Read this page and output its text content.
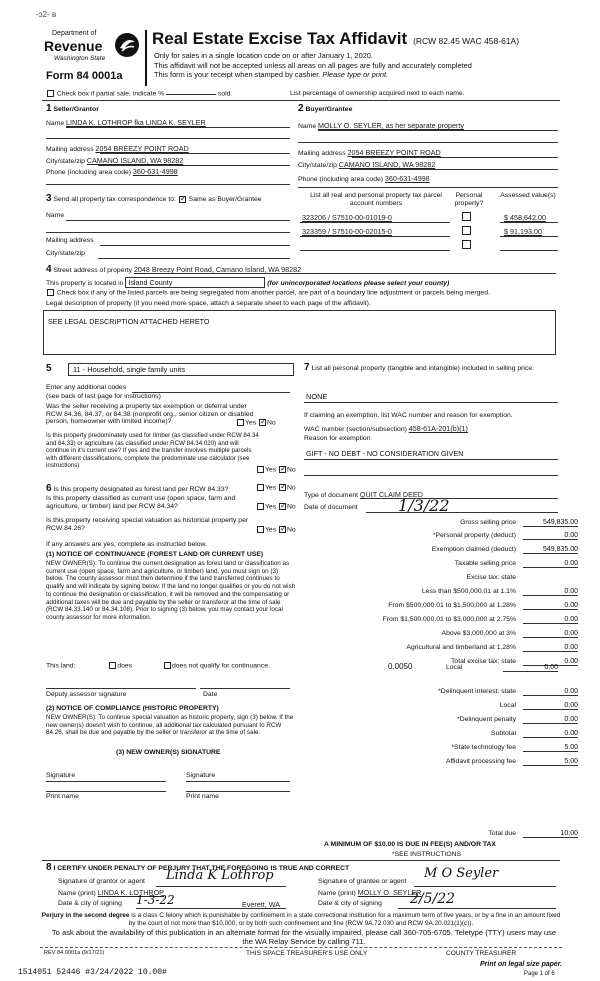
-ɔ2- ʙ
Department of
Revenue
Washington State
Form 84 0001a
Real Estate Excise Tax Affidavit (RCW 82.45 WAC 458-61A)
Only for sales in a single location code on or after January 1, 2020.
This affidavit will not be accepted unless all areas on all pages are fully and accurately completed
This form is your receipt when stamped by cashier. Please type or print.
Check box if partial sale, indicate %	sold	List percentage of ownership acquired next to each name.
1 Seller/Grantor
Name LINDA K. LOTHROP fka LINDA K. SEYLER
Mailing address 2054 BREEZY POINT ROAD
City/state/zip CAMANO ISLAND, WA 98282
Phone (including area code) 360-631-4998
2 Buyer/Grantee
Name MOLLY O. SEYLER, as her separate property
Mailing address 2054 BREEZY POINT ROAD
City/state/zip CAMANO ISLAND, WA 98282
Phone (including area code) 360-631-4998
3 Send all property tax correspondence to: ✓ Same as Buyer/Grantee
Name
Mailing address
City/state/zip
List all real and personal property tax parcel account numbers
Personal property?
Assessed value(s)
323206 / S7510-00-01019-0	$ 458,642.00
323359 / S7510-00-02015-0	$ 91,193.00
4 Street address of property 2048 Breezy Point Road, Camano Island, WA 98282
This property is located in Island County	(for unincorporated locations please select your county)
Check box if any of the listed parcels are being segregated from another parcel, are part of a boundary line adjustment or parcels being merged.
Legal description of property (if you need more space, attach a separate sheet to each page of the affidavit).
SEE LEGAL DESCRIPTION ATTACHED HERETO
5	11 - Household, single family units
Enter any additional codes
(see back of last page for instructions)
Was the seller receiving a property tax exemption or deferral under RCW 84.36, 84.37, or 84.38 (nonprofit org., senior citizen or disabled person, homeowner with limited income)?	Yes ✓ No
Is this property predominately used for timber (as classified under RCW 84.34 and 84.33) or agriculture (as classified under RCW 84.34.020) and will continue in it's current use? If yes and the transfer involves multiple parcels with different classifications, complete the predominate use calculator (see instructions)
Yes ✓ No
6 Is this property designated as forest land per RCW 84.33?	Yes ✓ No
Is this property classified as current use (open space, farm and agriculture, or timber) land per RCW 84.34?	Yes ✓ No
Is this property receiving special valuation as historical property per RCW 84.26?	Yes ✓ No
If any answers are yes, complete as instructed below.
(1) NOTICE OF CONTINUANCE (FOREST LAND OR CURRENT USE)
NEW OWNER(S): To continue the current designation as forest land or classification as current use (open space, farm and agriculture, or timber) land, you must sign on (3) below. The county assessor must then determine if the land transferred continues to qualify and will indicate by signing below. If the land no longer qualifies or you do not wish to continue the designation or classification, it will be removed and the compensating or additional taxes will be due and payable by the seller or transferor at the time of sale (RCW 84.33.140 or 84.34.108). Prior to signing (3) below, you may contact your local county assessor for more information.
This land:	does	does not qualify for continuance.
Deputy assessor signature	Date
(2) NOTICE OF COMPLIANCE (HISTORIC PROPERTY)
NEW OWNER(S): To continue special valuation as historic property, sign (3) below. If the new owner(s) doesn't wish to continue, all additional tax calculated pursuant to RCW 84.26, shall be due and payable by the seller or transferor at the time of sale.
(3) NEW OWNER(S) SIGNATURE
Signature	Signature
Print name	Print name
7 List all personal property (tangible and intangible) included in selling price.
NONE
If claiming an exemption, list WAC number and reason for exemption.
WAC number (section/subsection) 458-61A-201(b)(1)
Reason for exemption
GIFT - NO DEBT - NO CONSIDERATION GIVEN
Type of document QUIT CLAIM DEED
Date of document	1/3/22
Gross selling price	549,835.00
*Personal property (deduct)	0.00
Exemption claimed (deduct)	549,835.00
Taxable selling price	0.00
Excise tax: state
Less than $500,000.01 at 1.1%	0.00
From $500,000.01 to $1,500,000 at 1.28%	0.00
From $1,500,000.01 to $3,000,000 at 2.75%	0.00
Above $3,000,000 at 3%	0.00
Agricultural and timberland at 1.28%	0.00
Total excise tax: state	0.00
*Delinquent interest: state	0.00
Local	0.00
*Delinquent penalty	0.00
Subtotal	0.00
*State technology fee	5.00
Affidavit processing fee	5.00
Total due	10.00
Local
0.0050	0.00
A MINIMUM OF $10.00 IS DUE IN FEE(S) AND/OR TAX
*SEE INSTRUCTIONS
8 I CERTIFY UNDER PENALTY OF PERJURY THAT THE FOREGOING IS TRUE AND CORRECT
Signature of grantor or agent Linda K Lothrop
Name (print) LINDA K. LOTHROP
Date & city of signing 1-3-22	Everett, WA
Signature of grantee or agent
M O Seyler
Name (print) MOLLY O. SEYLER
Date & city of signing 2/5/22
Perjury in the second degree is a class C felony which is punishable by confinement in a state correctional institution for a maximum term of five years, or by a fine in an amount fixed by the court of not more than $10,000, or by both such confinement and fine (RCW 9A.72.030 and RCW 9A.20.021(1)(c)).
To ask about the availability of this publication in an alternate format for the visually impaired, please call 360-705-6705. Teletype (TTY) users may use the WA Relay Service by calling 711.
REV 84 0001a (9/17/21)	THIS SPACE TREASURER'S USE ONLY	COUNTY TREASURER
Print on legal size paper.
Page 1 of 6
1514051 52446 #3/24/2022 10.00#
